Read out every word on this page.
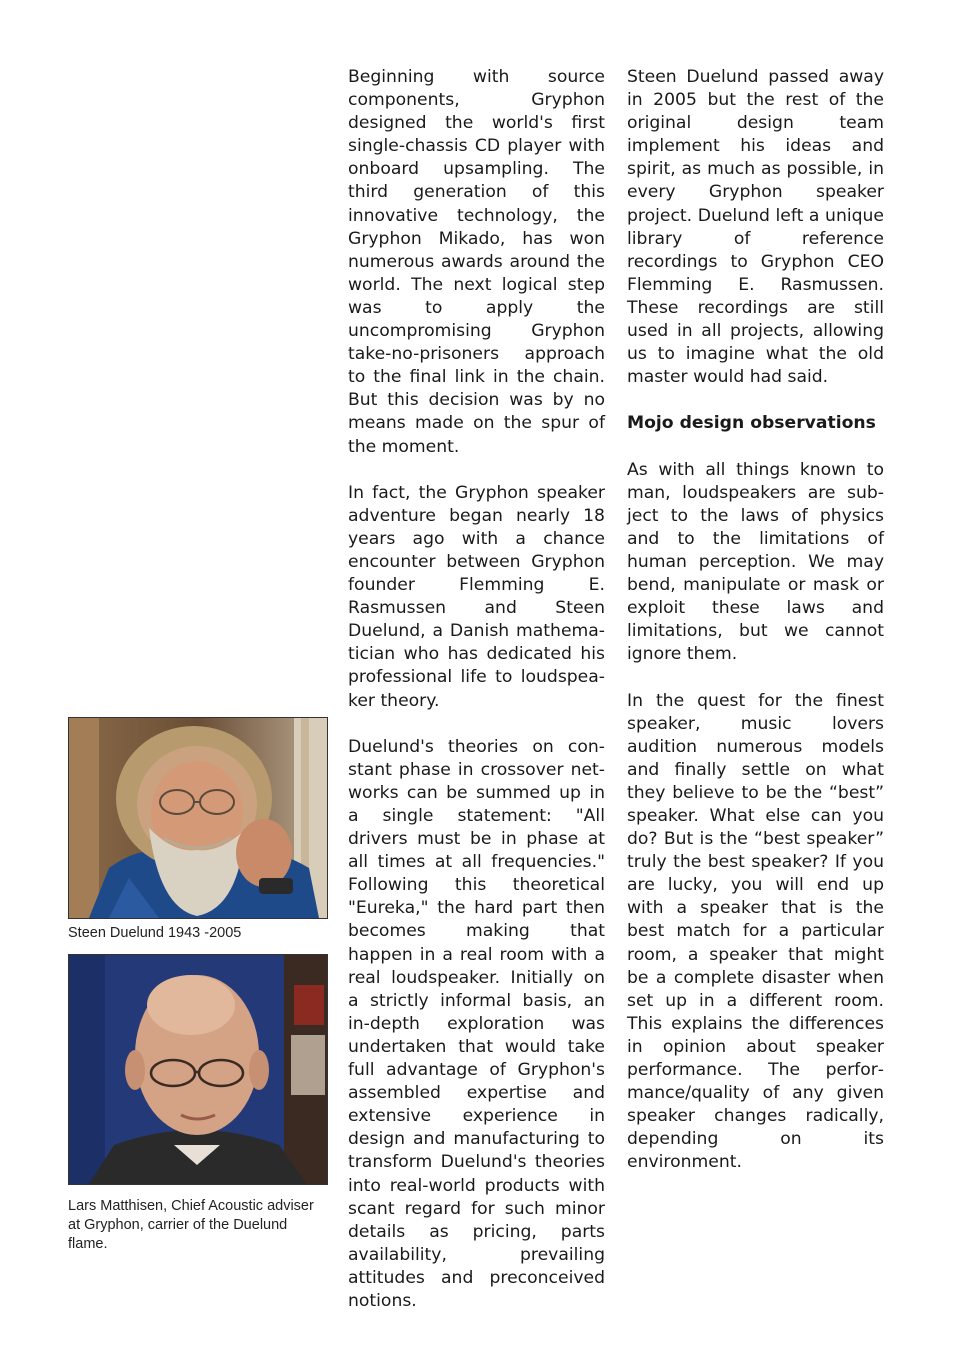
Steen Duelund 1943 -2005
Lars Matthisen, Chief Acoustic adviser at Gryphon, carrier of the Duelund flame.

Beginning with source components, Gryphon designed the world's first single-chassis CD player with onboard upsampling. The third generation of this innovative technology, the Gryphon Mikado, has won numerous awards around the world. The next logical step was to apply the uncompromising Gryphon take-no-prisoners approach to the final link in the chain. But this decision was by no means made on the spur of the moment.

In fact, the Gryphon speaker adventure began nearly 18 years ago with a chance encounter between Gryphon founder Flemming E. Rasmussen and Steen Duelund, a Danish mathematician who has dedicated his professional life to loudspeaker theory.

Duelund's theories on constant phase in crossover networks can be summed up in a single statement: "All drivers must be in phase at all times at all frequencies." Following this theoretical "Eureka," the hard part then becomes making that happen in a real room with a real loudspeaker. Initially on a strictly informal basis, an in-depth exploration was undertaken that would take full advantage of Gryphon's assembled expertise and extensive experience in design and manufacturing to transform Duelund's theories into real-world products with scant regard for such minor details as pricing, parts availability, prevailing attitudes and preconceived notions.

Steen Duelund passed away in 2005 but the rest of the original design team implement his ideas and spirit, as much as possible, in every Gryphon speaker project. Duelund left a unique library of reference recordings to Gryphon CEO Flemming E. Rasmussen. These recordings are still used in all projects, allowing us to imagine what the old master would had said.

Mojo design observations

As with all things known to man, loudspeakers are subject to the laws of physics and to the limitations of human perception. We may bend, manipulate or mask or exploit these laws and limitations, but we cannot ignore them.

In the quest for the finest speaker, music lovers audition numerous models and finally settle on what they believe to be the “best” speaker. What else can you do? But is the “best speaker” truly the best speaker? If you are lucky, you will end up with a speaker that is the best match for a particular room, a speaker that might be a complete disaster when set up in a different room. This explains the differences in opinion about speaker performance. The performance/quality of any given speaker changes radically, depending on its environment.
